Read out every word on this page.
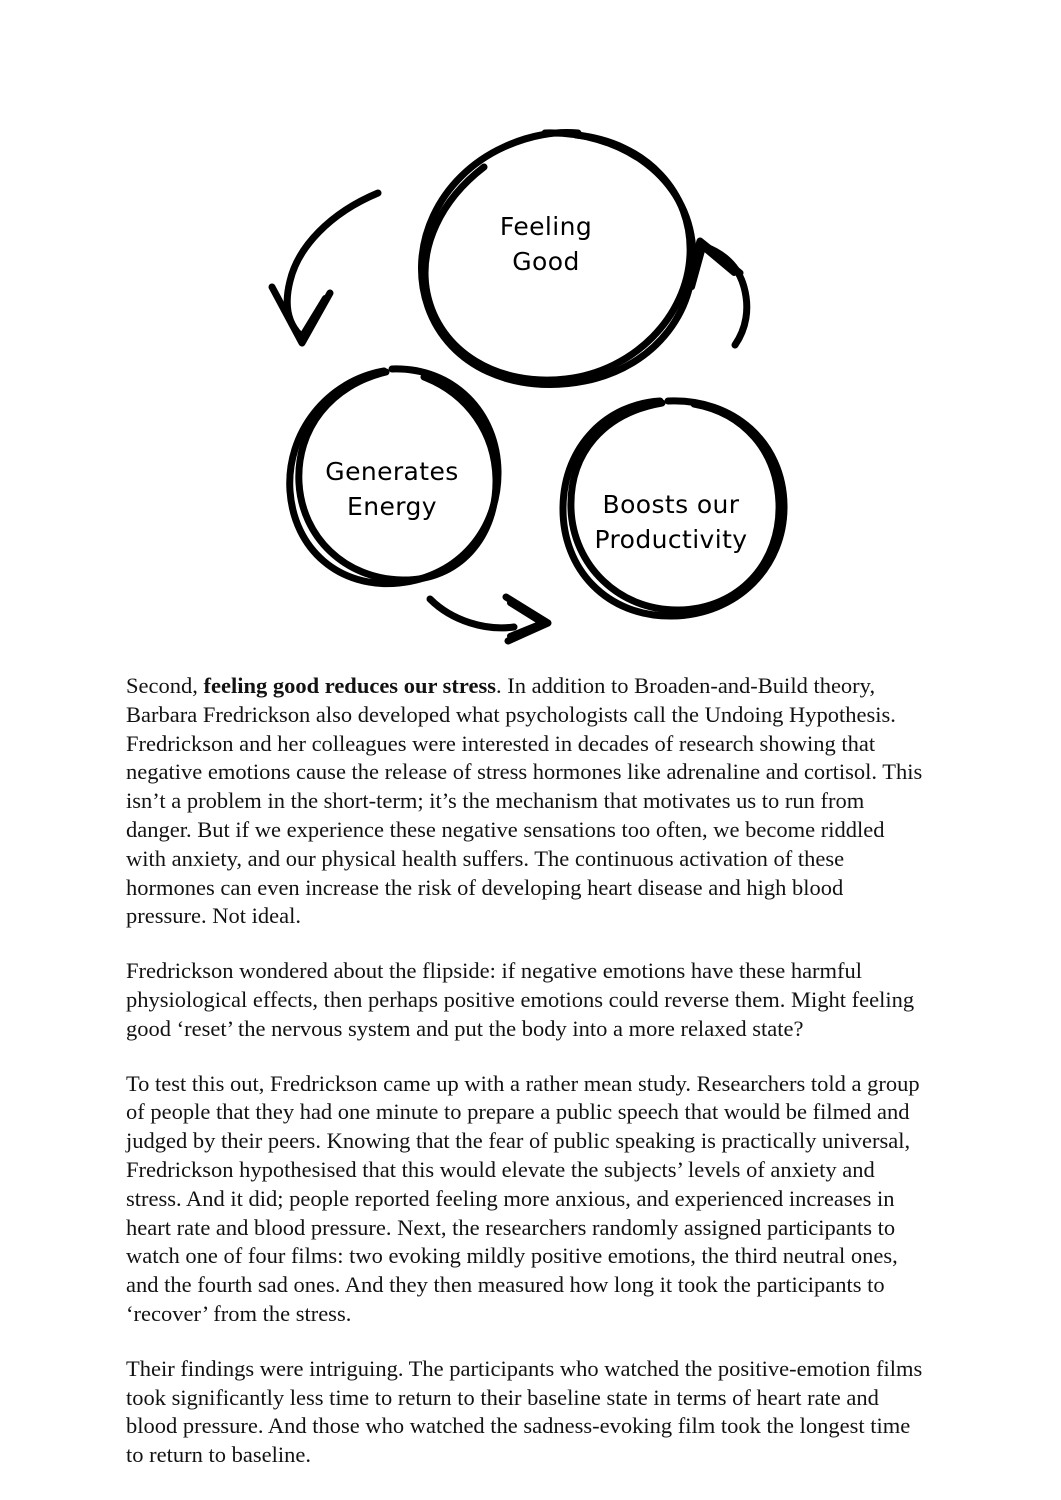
Feeling
Good
Generates
Energy	Boosts our
Productivity

Second, feeling good reduces our stress. In addition to Broaden-and-Build theory, Barbara Fredrickson also developed what psychologists call the Undoing Hypothesis. Fredrickson and her colleagues were interested in decades of research showing that negative emotions cause the release of stress hormones like adrenaline and cortisol. This isn’t a problem in the short-term; it’s the mechanism that motivates us to run from danger. But if we experience these negative sensations too often, we become riddled with anxiety, and our physical health suffers. The continuous activation of these hormones can even increase the risk of developing heart disease and high blood pressure. Not ideal.

Fredrickson wondered about the flipside: if negative emotions have these harmful physiological effects, then perhaps positive emotions could reverse them. Might feeling good ‘reset’ the nervous system and put the body into a more relaxed state?

To test this out, Fredrickson came up with a rather mean study. Researchers told a group of people that they had one minute to prepare a public speech that would be filmed and judged by their peers. Knowing that the fear of public speaking is practically universal, Fredrickson hypothesised that this would elevate the subjects’ levels of anxiety and stress. And it did; people reported feeling more anxious, and experienced increases in heart rate and blood pressure. Next, the researchers randomly assigned participants to watch one of four films: two evoking mildly positive emotions, the third neutral ones, and the fourth sad ones. And they then measured how long it took the participants to ‘recover’ from the stress.

Their findings were intriguing. The participants who watched the positive-emotion films took significantly less time to return to their baseline state in terms of heart rate and blood pressure. And those who watched the sadness-evoking film took the longest time to return to baseline.
